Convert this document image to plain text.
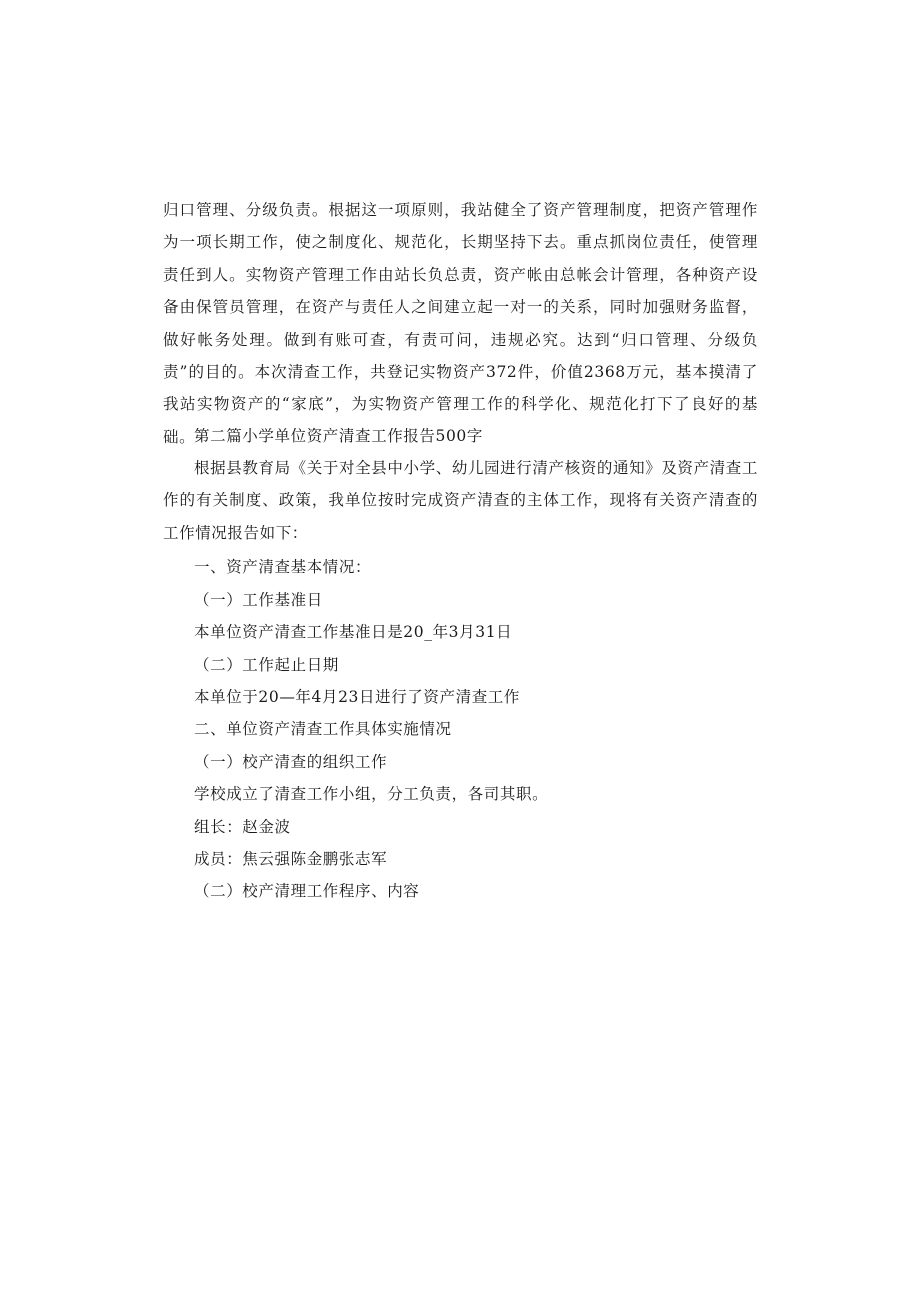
归口管理、分级负责。根据这一项原则，我站健全了资产管理制度，把资产管理作为一项长期工作，使之制度化、规范化，长期坚持下去。重点抓岗位责任，使管理责任到人。实物资产管理工作由站长负总责，资产帐由总帐会计管理，各种资产设备由保管员管理，在资产与责任人之间建立起一对一的关系，同时加强财务监督，做好帐务处理。做到有账可查，有责可问，违规必究。达到“归口管理、分级负责”的目的。本次清查工作，共登记实物资产372件，价值2368万元，基本摸清了我站实物资产的“家底”，为实物资产管理工作的科学化、规范化打下了良好的基础。
第二篇小学单位资产清查工作报告500字
根据县教育局《关于对全县中小学、幼儿园进行清产核资的通知》及资产清查工作的有关制度、政策，我单位按时完成资产清查的主体工作，现将有关资产清查的工作情况报告如下：
一、资产清查基本情况：
（一）工作基准日
本单位资产清查工作基准日是20_年3月31日
（二）工作起止日期
本单位于20—年4月23日进行了资产清查工作
二、单位资产清查工作具体实施情况
（一）校产清查的组织工作
学校成立了清查工作小组，分工负责，各司其职。
组长：赵金波
成员：焦云强陈金鹏张志军
（二）校产清理工作程序、内容
